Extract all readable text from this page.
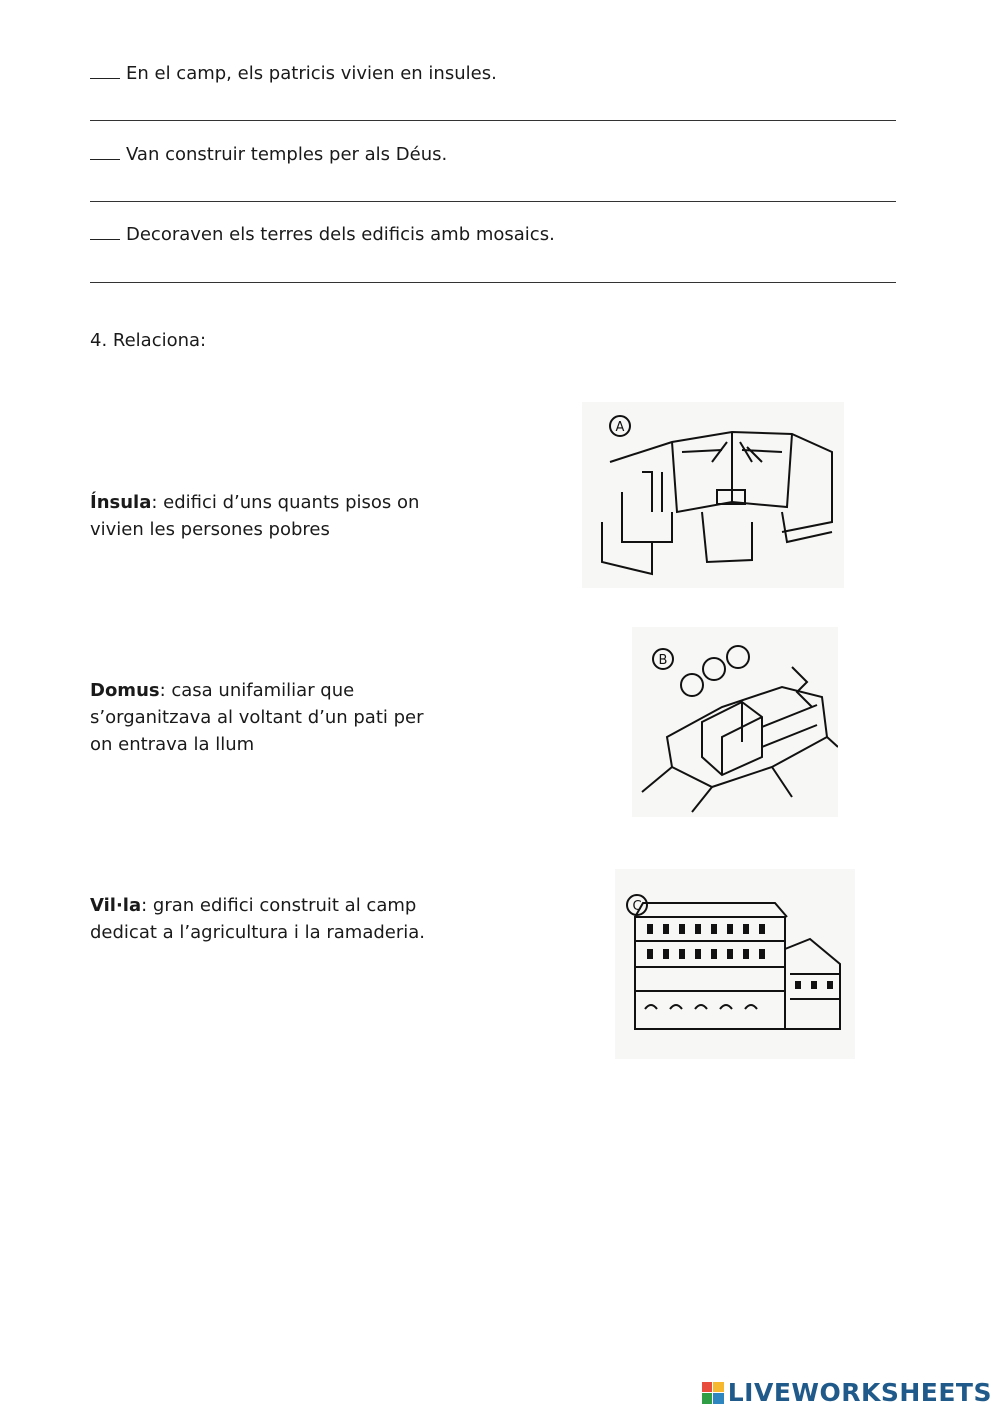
En el camp, els patricis vivien en insules.
Van construir temples per als Déus.
Decoraven els terres dels edificis amb mosaics.
4. Relaciona:
Ínsula: edifici d’uns quants pisos on vivien les persones pobres
A
Domus: casa unifamiliar que s’organitzava al voltant d’un pati per on entrava la llum
B
Vil·la: gran edifici construit al camp dedicat a l’agricultura i la ramaderia.
C
LIVEWORKSHEETS
